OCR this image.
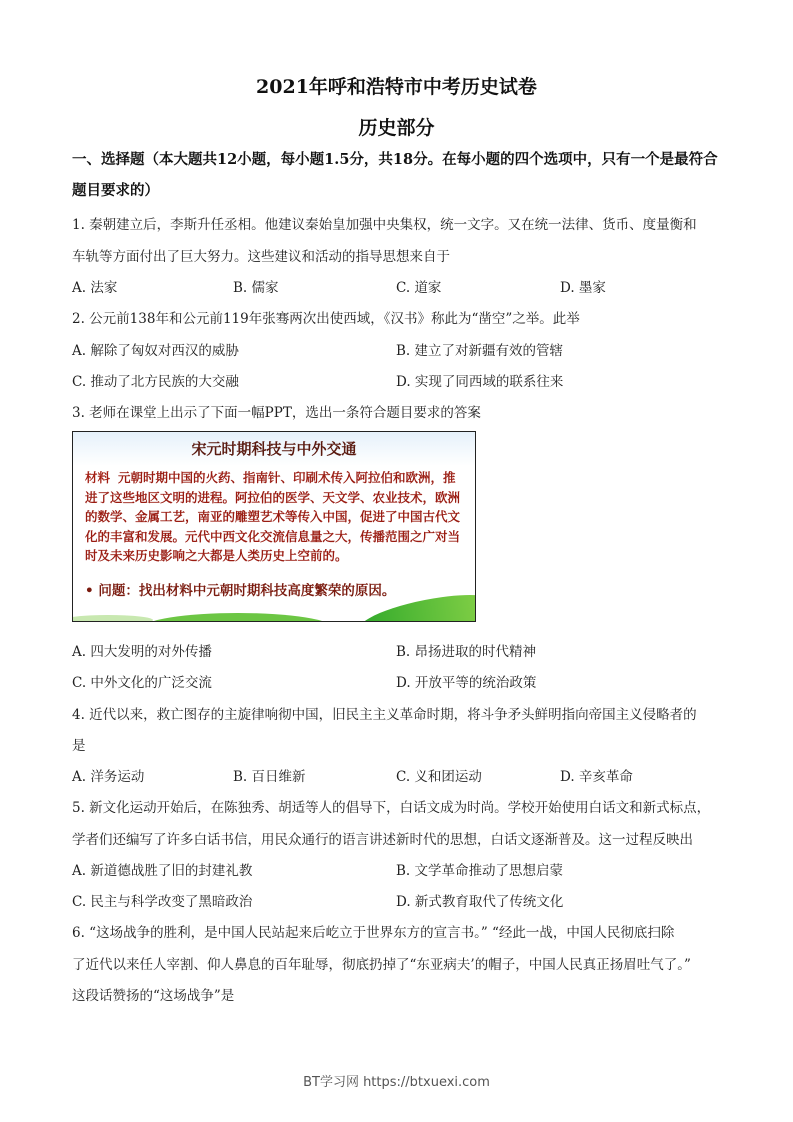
2021年呼和浩特市中考历史试卷
历史部分
一、选择题（本大题共12小题，每小题1.5分，共18分。在每小题的四个选项中，只有一个是最符合题目要求的）
1. 秦朝建立后，李斯升任丞相。他建议秦始皇加强中央集权，统一文字。又在统一法律、货币、度量衡和
车轨等方面付出了巨大努力。这些建议和活动的指导思想来自于
A. 法家	B. 儒家	C. 道家	D. 墨家
2. 公元前138年和公元前119年张骞两次出使西域，《汉书》称此为“凿空”之举。此举
A. 解除了匈奴对西汉的威胁	B. 建立了对新疆有效的管辖
C. 推动了北方民族的大交融	D. 实现了同西域的联系往来
3. 老师在课堂上出示了下面一幅PPT，选出一条符合题目要求的答案
宋元时期科技与中外交通
材料 元朝时期中国的火药、指南针、印刷术传入阿拉伯和欧洲，推进了这些地区文明的进程。阿拉伯的医学、天文学、农业技术，欧洲的数学、金属工艺，南亚的雕塑艺术等传入中国，促进了中国古代文化的丰富和发展。元代中西文化交流信息量之大，传播范围之广对当时及未来历史影响之大都是人类历史上空前的。
• 问题：找出材料中元朝时期科技高度繁荣的原因。
A. 四大发明的对外传播	B. 昂扬进取的时代精神
C. 中外文化的广泛交流	D. 开放平等的统治政策
4. 近代以来，救亡图存的主旋律响彻中国，旧民主主义革命时期，将斗争矛头鲜明指向帝国主义侵略者的
是
A. 洋务运动	B. 百日维新	C. 义和团运动	D. 辛亥革命
5. 新文化运动开始后，在陈独秀、胡适等人的倡导下，白话文成为时尚。学校开始使用白话文和新式标点，
学者们还编写了许多白话书信，用民众通行的语言讲述新时代的思想，白话文逐渐普及。这一过程反映出
A. 新道德战胜了旧的封建礼教	B. 文学革命推动了思想启蒙
C. 民主与科学改变了黑暗政治	D. 新式教育取代了传统文化
6. “这场战争的胜利，是中国人民站起来后屹立于世界东方的宣言书。” “经此一战，中国人民彻底扫除
了近代以来任人宰割、仰人鼻息的百年耻辱，彻底扔掉了“东亚病夫’的帽子，中国人民真正扬眉吐气了。”
这段话赞扬的“这场战争”是
BT学习网 https://btxuexi.com
